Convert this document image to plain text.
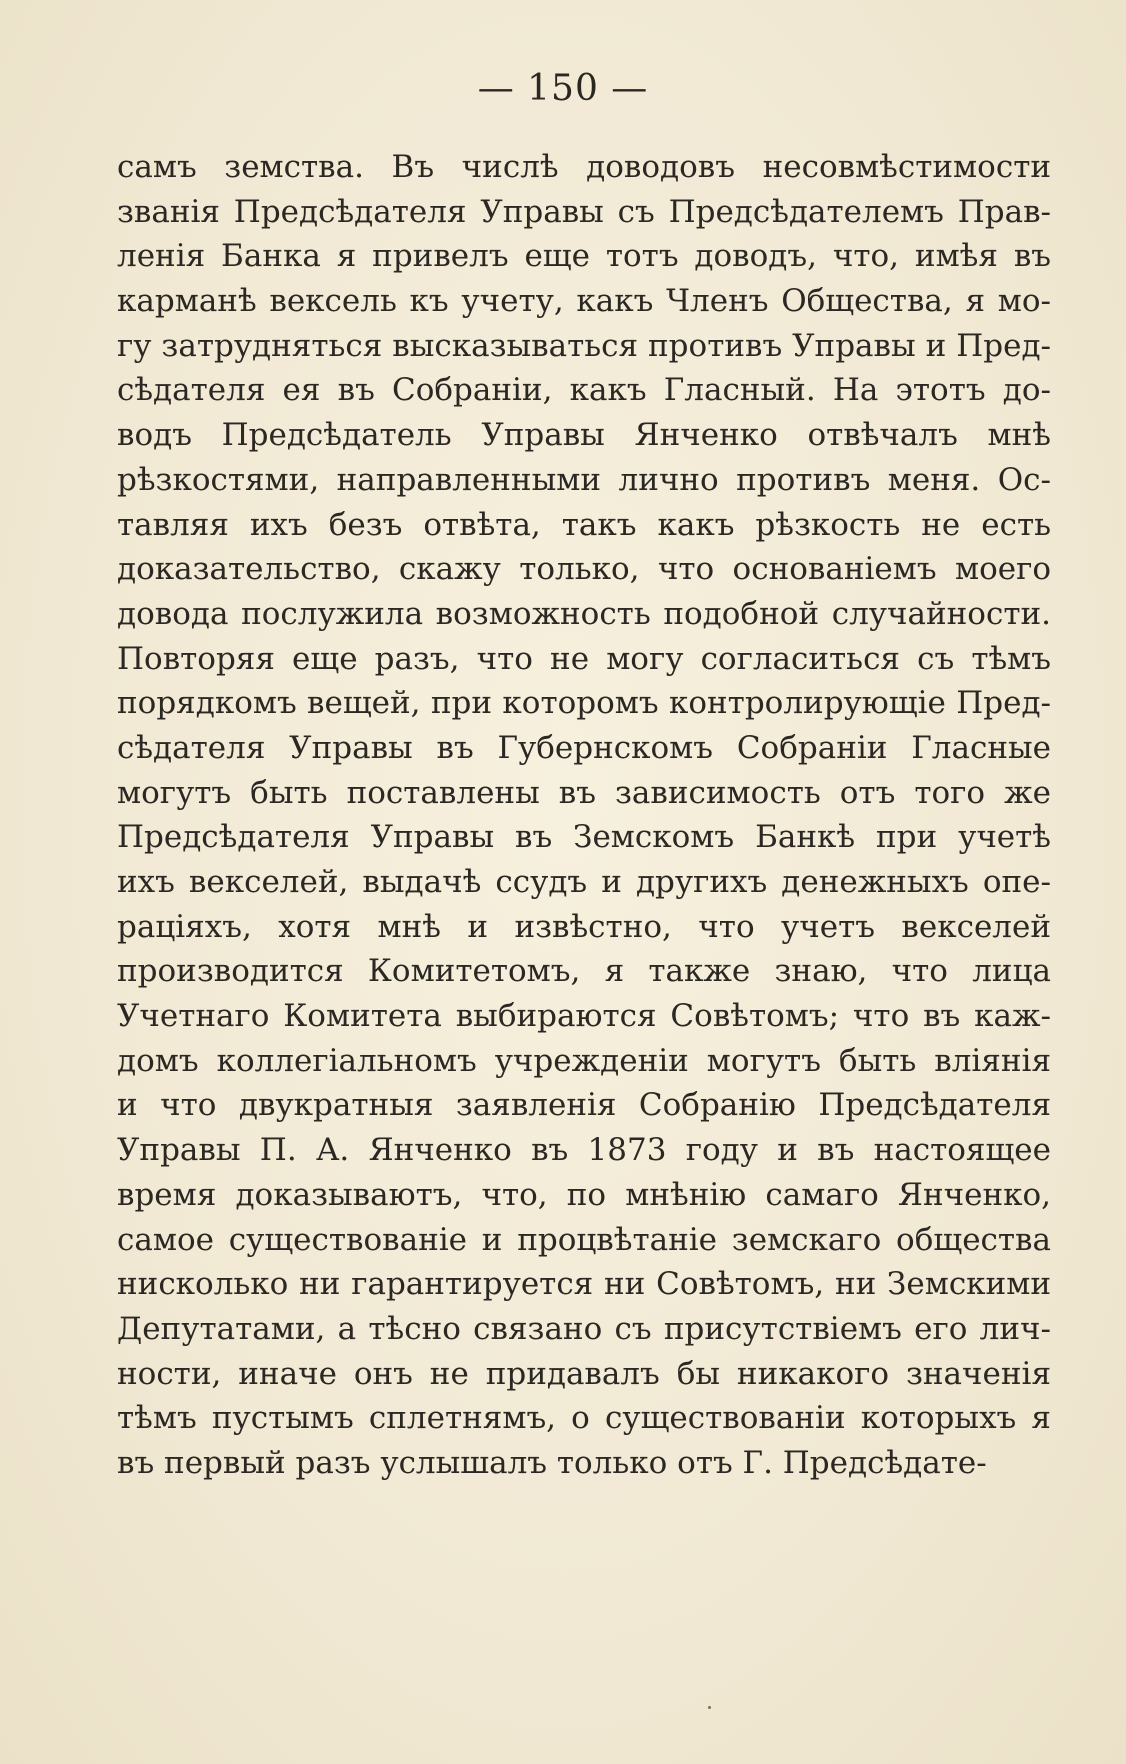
— 150 —
самъ земства. Въ числѣ доводовъ несовмѣстимости
званія Предсѣдателя Управы съ Предсѣдателемъ Прав-
ленія Банка я привелъ еще тотъ доводъ, что, имѣя въ
карманѣ вексель къ учету, какъ Членъ Общества, я мо-
гу затрудняться высказываться противъ Управы и Пред-
сѣдателя ея въ Собраніи, какъ Гласный. На этотъ до-
водъ Предсѣдатель Управы Янченко отвѣчалъ мнѣ
рѣзкостями, направленными лично противъ меня. Ос-
тавляя ихъ безъ отвѣта, такъ какъ рѣзкость не есть
доказательство, скажу только, что основаніемъ моего
довода послужила возможность подобной случайности.
Повторяя еще разъ, что не могу согласиться съ тѣмъ
порядкомъ вещей, при которомъ контролирующіе Пред-
сѣдателя Управы въ Губернскомъ Собраніи Гласные
могутъ быть поставлены въ зависимость отъ того же
Предсѣдателя Управы въ Земскомъ Банкѣ при учетѣ
ихъ векселей, выдачѣ ссудъ и другихъ денежныхъ опе-
раціяхъ, хотя мнѣ и извѣстно, что учетъ векселей
производится Комитетомъ, я также знаю, что лица
Учетнаго Комитета выбираются Совѣтомъ; что въ каж-
домъ коллегіальномъ учрежденіи могутъ быть вліянія
и что двукратныя заявленія Собранію Предсѣдателя
Управы П. А. Янченко въ 1873 году и въ настоящее
время доказываютъ, что, по мнѣнію самаго Янченко,
самое существованіе и процвѣтаніе земскаго общества
нисколько ни гарантируется ни Совѣтомъ, ни Земскими
Депутатами, а тѣсно связано съ присутствіемъ его лич-
ности, иначе онъ не придавалъ бы никакого значенія
тѣмъ пустымъ сплетнямъ, о существованіи которыхъ я
въ первый разъ услышалъ только отъ Г. Предсѣдате-
